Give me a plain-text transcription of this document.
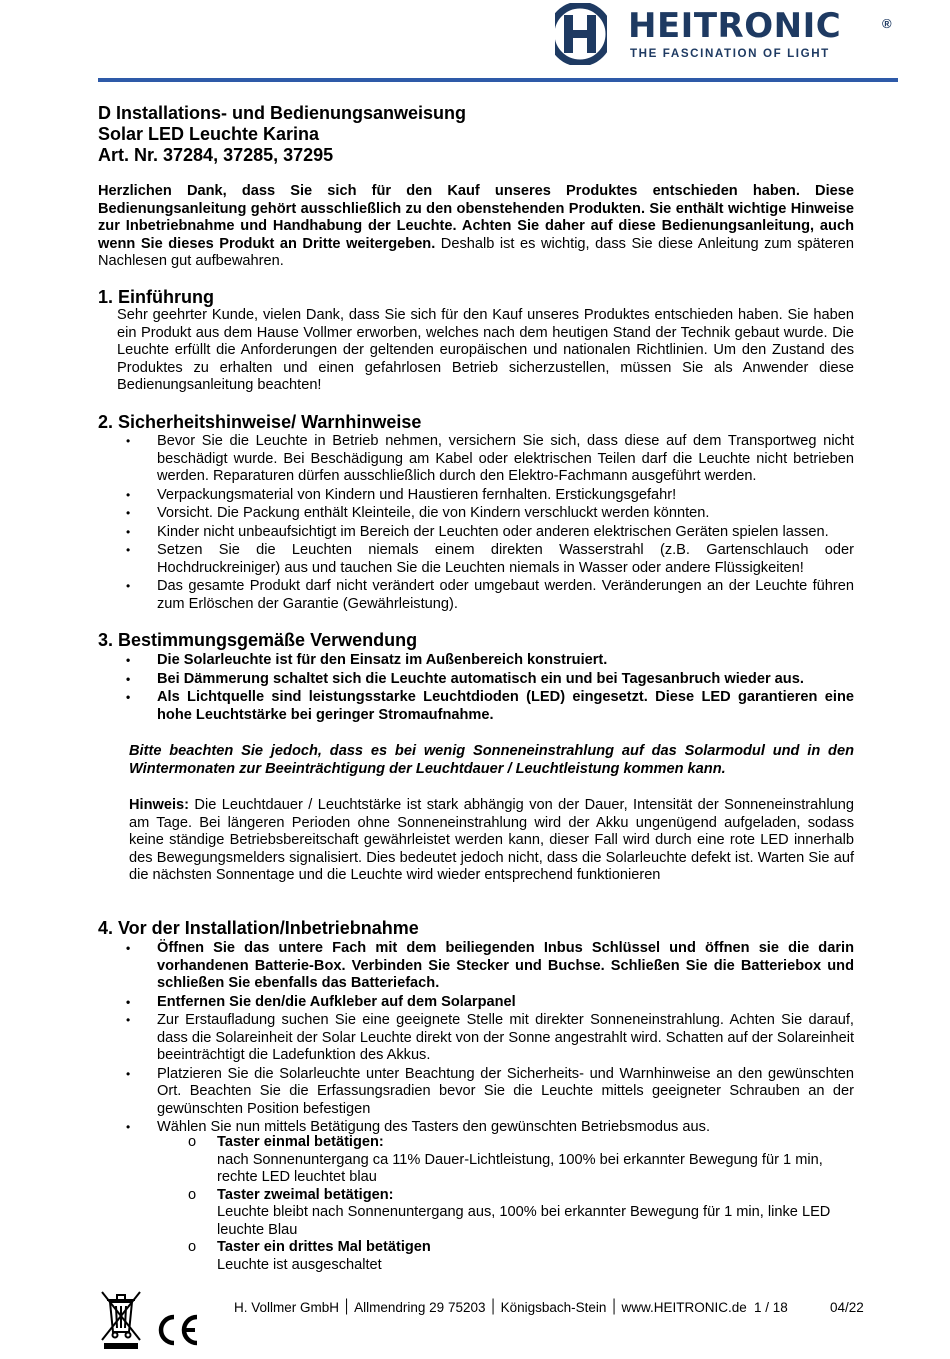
HEITRONIC	®
THE FASCINATION OF LIGHT
D Installations- und Bedienungsanweisung
Solar LED Leuchte Karina
Art. Nr. 37284, 37285, 37295
Herzlichen Dank, dass Sie sich für den Kauf unseres Produktes entschieden haben. Diese Bedienungsanleitung gehört ausschließlich zu den obenstehenden Produkten. Sie enthält wichtige Hinweise zur Inbetriebnahme und Handhabung der Leuchte. Achten Sie daher auf diese Bedienungsanleitung, auch wenn Sie dieses Produkt an Dritte weitergeben. Deshalb ist es wichtig, dass Sie diese Anleitung zum späteren Nachlesen gut aufbewahren.
1. Einführung
Sehr geehrter Kunde, vielen Dank, dass Sie sich für den Kauf unseres Produktes entschieden haben. Sie haben ein Produkt aus dem Hause Vollmer erworben, welches nach dem heutigen Stand der Technik gebaut wurde. Die Leuchte erfüllt die Anforderungen der geltenden europäischen und nationalen Richtlinien. Um den Zustand des Produktes zu erhalten und einen gefahrlosen Betrieb sicherzustellen, müssen Sie als Anwender diese Bedienungsanleitung beachten!
2. Sicherheitshinweise/ Warnhinweise
• Bevor Sie die Leuchte in Betrieb nehmen, versichern Sie sich, dass diese auf dem Transportweg nicht beschädigt wurde. Bei Beschädigung am Kabel oder elektrischen Teilen darf die Leuchte nicht betrieben werden. Reparaturen dürfen ausschließlich durch den Elektro-Fachmann ausgeführt werden.
• Verpackungsmaterial von Kindern und Haustieren fernhalten. Erstickungsgefahr!
• Vorsicht. Die Packung enthält Kleinteile, die von Kindern verschluckt werden könnten.
• Kinder nicht unbeaufsichtigt im Bereich der Leuchten oder anderen elektrischen Geräten spielen lassen.
• Setzen Sie die Leuchten niemals einem direkten Wasserstrahl (z.B. Gartenschlauch oder Hochdruckreiniger) aus und tauchen Sie die Leuchten niemals in Wasser oder andere Flüssigkeiten!
• Das gesamte Produkt darf nicht verändert oder umgebaut werden. Veränderungen an der Leuchte führen zum Erlöschen der Garantie (Gewährleistung).
3. Bestimmungsgemäße Verwendung
• Die Solarleuchte ist für den Einsatz im Außenbereich konstruiert.
• Bei Dämmerung schaltet sich die Leuchte automatisch ein und bei Tagesanbruch wieder aus.
• Als Lichtquelle sind leistungsstarke Leuchtdioden (LED) eingesetzt. Diese LED garantieren eine hohe Leuchtstärke bei geringer Stromaufnahme.
Bitte beachten Sie jedoch, dass es bei wenig Sonneneinstrahlung auf das Solarmodul und in den Wintermonaten zur Beeinträchtigung der Leuchtdauer / Leuchtleistung kommen kann.
Hinweis: Die Leuchtdauer / Leuchtstärke ist stark abhängig von der Dauer, Intensität der Sonneneinstrahlung am Tage. Bei längeren Perioden ohne Sonneneinstrahlung wird der Akku ungenügend aufgeladen, sodass keine ständige Betriebsbereitschaft gewährleistet werden kann, dieser Fall wird durch eine rote LED innerhalb des Bewegungsmelders signalisiert. Dies bedeutet jedoch nicht, dass die Solarleuchte defekt ist. Warten Sie auf die nächsten Sonnentage und die Leuchte wird wieder entsprechend funktionieren
4. Vor der Installation/Inbetriebnahme
• Öffnen Sie das untere Fach mit dem beiliegenden Inbus Schlüssel und öffnen sie die darin vorhandenen Batterie-Box. Verbinden Sie Stecker und Buchse. Schließen Sie die Batteriebox und schließen Sie ebenfalls das Batteriefach.
• Entfernen Sie den/die Aufkleber auf dem Solarpanel
• Zur Erstaufladung suchen Sie eine geeignete Stelle mit direkter Sonneneinstrahlung. Achten Sie darauf, dass die Solareinheit der Solar Leuchte direkt von der Sonne angestrahlt wird. Schatten auf der Solareinheit beeinträchtigt die Ladefunktion des Akkus.
• Platzieren Sie die Solarleuchte unter Beachtung der Sicherheits- und Warnhinweise an den gewünschten Ort. Beachten Sie die Erfassungsradien bevor Sie die Leuchte mittels geeigneter Schrauben an der gewünschten Position befestigen
• Wählen Sie nun mittels Betätigung des Tasters den gewünschten Betriebsmodus aus.
o Taster einmal betätigen:
nach Sonnenuntergang ca 11% Dauer-Lichtleistung, 100% bei erkannter Bewegung für 1 min, rechte LED leuchtet blau
o Taster zweimal betätigen:
Leuchte bleibt nach Sonnenuntergang aus, 100% bei erkannter Bewegung für 1 min, linke LED leuchte Blau
o Taster ein drittes Mal betätigen
Leuchte ist ausgeschaltet
H. Vollmer GmbH ׀ Allmendring 29 ׀ 75203 Königsbach-Stein ׀ www.HEITRONIC.de 1 / 18	04/22
